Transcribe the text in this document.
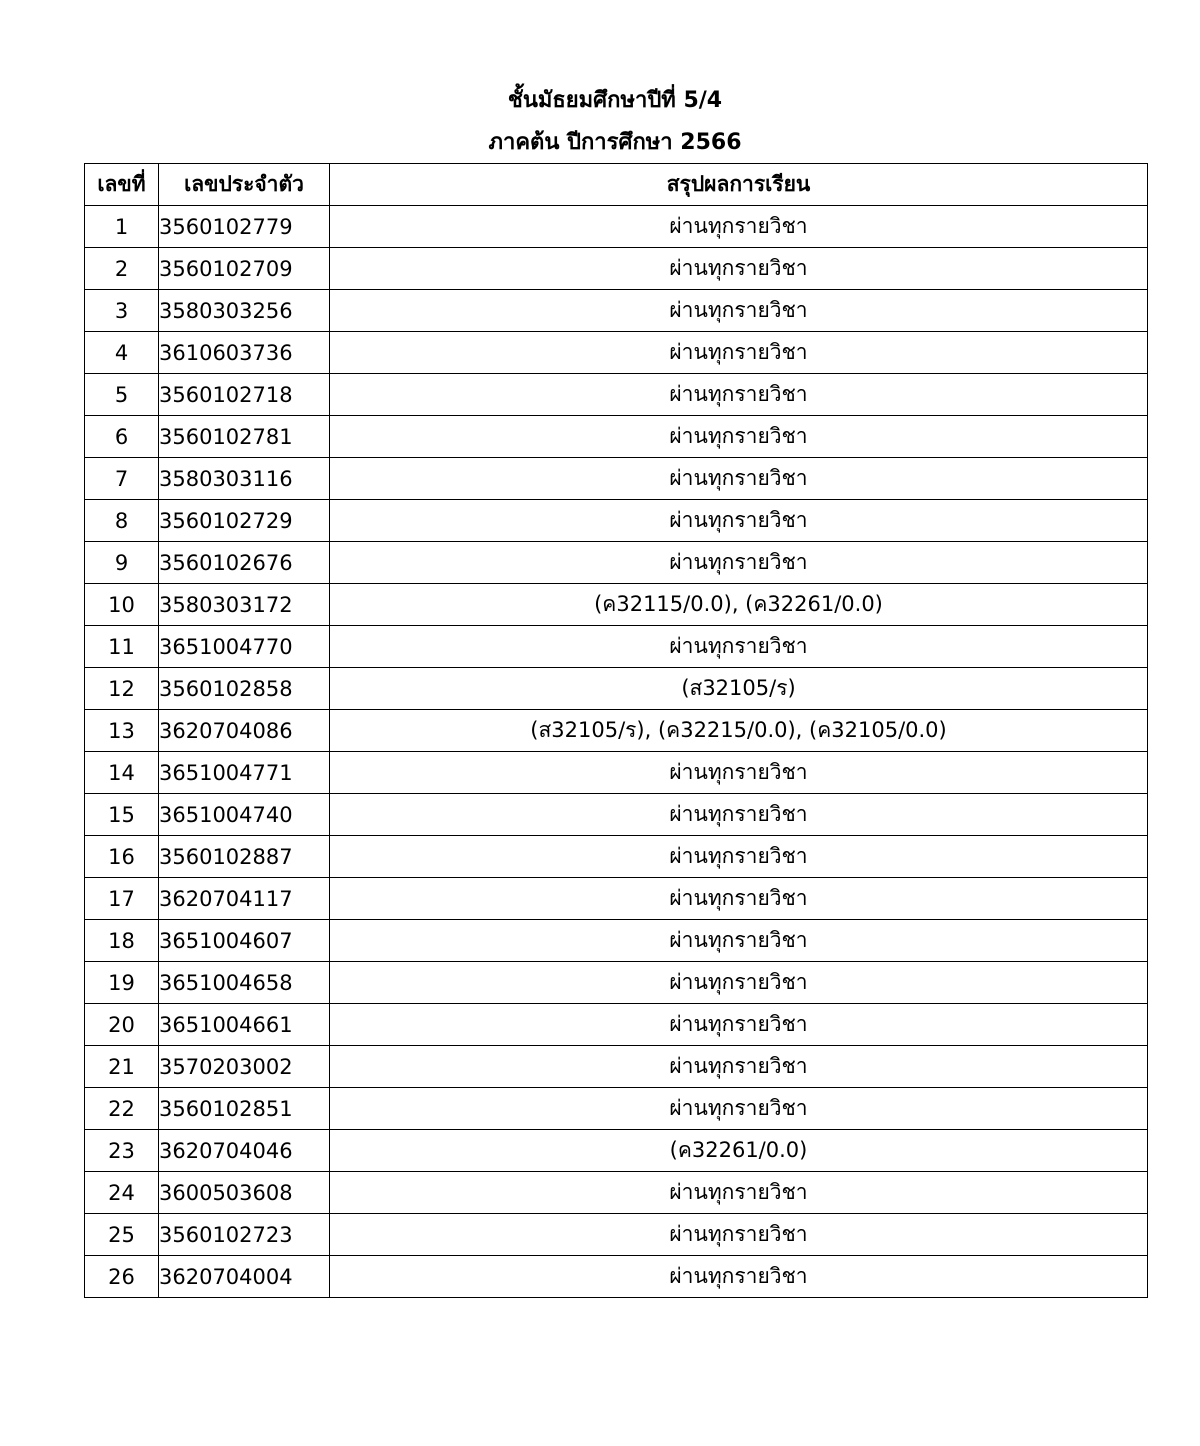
ชั้นมัธยมศึกษาปีที่ 5/4
ภาคต้น ปีการศึกษา 2566
เลขที่	เลขประจำตัว	สรุปผลการเรียน
1	3560102779	ผ่านทุกรายวิชา
2	3560102709	ผ่านทุกรายวิชา
3	3580303256	ผ่านทุกรายวิชา
4	3610603736	ผ่านทุกรายวิชา
5	3560102718	ผ่านทุกรายวิชา
6	3560102781	ผ่านทุกรายวิชา
7	3580303116	ผ่านทุกรายวิชา
8	3560102729	ผ่านทุกรายวิชา
9	3560102676	ผ่านทุกรายวิชา
10	3580303172	(ค32115/0.0), (ค32261/0.0)
11	3651004770	ผ่านทุกรายวิชา
12	3560102858	(ส32105/ร)
13	3620704086	(ส32105/ร), (ค32215/0.0), (ค32105/0.0)
14	3651004771	ผ่านทุกรายวิชา
15	3651004740	ผ่านทุกรายวิชา
16	3560102887	ผ่านทุกรายวิชา
17	3620704117	ผ่านทุกรายวิชา
18	3651004607	ผ่านทุกรายวิชา
19	3651004658	ผ่านทุกรายวิชา
20	3651004661	ผ่านทุกรายวิชา
21	3570203002	ผ่านทุกรายวิชา
22	3560102851	ผ่านทุกรายวิชา
23	3620704046	(ค32261/0.0)
24	3600503608	ผ่านทุกรายวิชา
25	3560102723	ผ่านทุกรายวิชา
26	3620704004	ผ่านทุกรายวิชา
